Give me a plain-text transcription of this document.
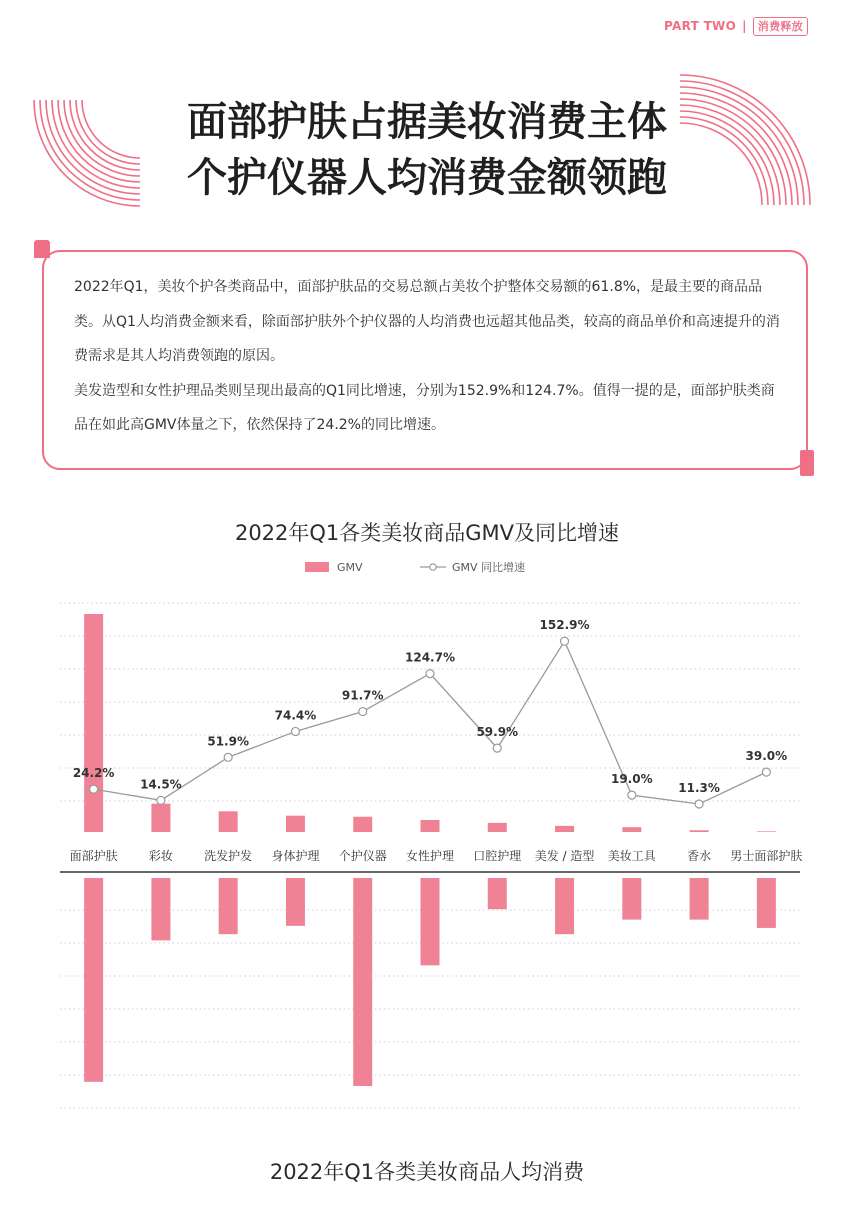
PART TWO | 消费释放
面部护肤占据美妆消费主体
个护仪器人均消费金额领跑

2022年Q1，美妆个护各类商品中，面部护肤品的交易总额占美妆个护整体交易额的61.8%，是最主要的商品品类。从Q1人均消费金额来看，除面部护肤外个护仪器的人均消费也远超其他品类，较高的商品单价和高速提升的消费需求是其人均消费领跑的原因。

美发造型和女性护理品类则呈现出最高的Q1同比增速，分别为152.9%和124.7%。值得一提的是，面部护肤类商品在如此高GMV体量之下，依然保持了24.2%的同比增速。

2022年Q1各类美妆商品GMV及同比增速
GMV	GMV 同比增速
24.2%
14.5%
51.9%
74.4%
91.7%
124.7%
59.9%
152.9%
19.0%
11.3%
39.0%
面部护肤	彩妆	洗发护发 身体护理 个护仪器 女性护理 口腔护理 美发 / 造型 美妆工具	香水 男士面部护肤
2022年Q1各类美妆商品人均消费
